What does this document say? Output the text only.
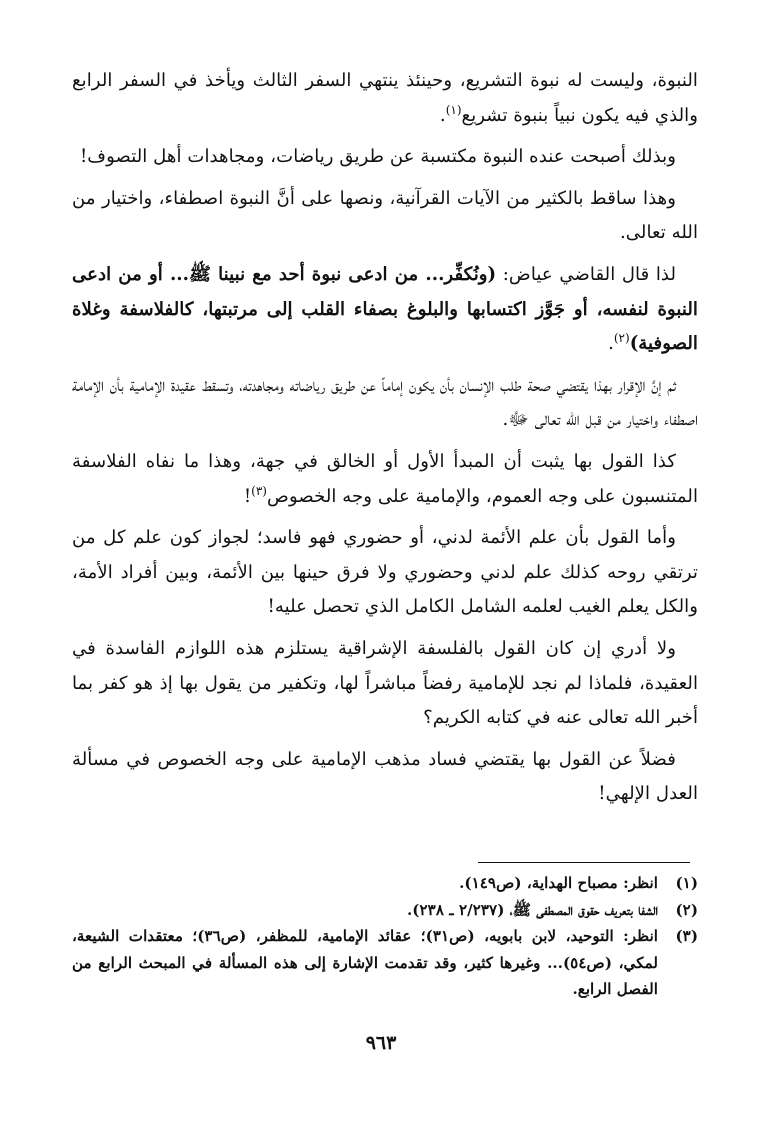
النبوة، وليست له نبوة التشريع، وحينئذ ينتهي السفر الثالث ويأخذ في السفر الرابع والذي فيه يكون نبياً بنبوة تشريع$^{(١)}$.

وبذلك أصبحت عنده النبوة مكتسبة عن طريق رياضات، ومجاهدات أهل التصوف!

وهذا ساقط بالكثير من الآيات القرآنية، ونصها على أنَّ النبوة اصطفاء، واختيار من الله تعالى.

لذا قال القاضي عياض: (ونُكفِّر... من ادعى نبوة أحد مع نبينا ﷺ... أو من ادعى النبوة لنفسه، أو جَوَّز اكتسابها والبلوغ بصفاء القلب إلى مرتبتها، كالفلاسفة وغلاة الصوفية)$^{(٢)}$.

ثم إنَّ الإقرار بهذا يقتضي صحة طلب الإنسان بأن يكون إماماً عن طريق رياضاته ومجاهدته، وتسقط عقيدة الإمامية بأن الإمامة اصطفاء واختيار من قبل الله تعالى ﷻ.

كذا القول بها يثبت أن المبدأ الأول أو الخالق في جهة، وهذا ما نفاه الفلاسفة المتنسبون على وجه العموم، والإمامية على وجه الخصوص$^{(٣)}$!

وأما القول بأن علم الأئمة لدني، أو حضوري فهو فاسد؛ لجواز كون علم كل من ترتقي روحه كذلك علم لدني وحضوري ولا فرق حينها بين الأئمة، وبين أفراد الأمة، والكل يعلم الغيب لعلمه الشامل الكامل الذي تحصل عليه!

ولا أدري إن كان القول بالفلسفة الإشراقية يستلزم هذه اللوازم الفاسدة في العقيدة، فلماذا لم نجد للإمامية رفضاً مباشراً لها، وتكفير من يقول بها إذ هو كفر بما أخبر الله تعالى عنه في كتابه الكريم؟

فضلاً عن القول بها يقتضي فساد مذهب الإمامية على وجه الخصوص في مسألة العدل الإلهي!

(١)
انظر: مصباح الهداية، (ص١٤٩).
(٢)
الشفا بتعريف حقوق المصطفى ﷺ، (٢/٢٣٧ ـ ٢٣٨).
(٣)
انظر: التوحيد، لابن بابويه، (ص٣١)؛ عقائد الإمامية، للمظفر، (ص٣٦)؛ معتقدات الشيعة، لمكي، (ص٥٤)... وغيرها كثير، وقد تقدمت الإشارة إلى هذه المسألة في المبحث الرابع من الفصل الرابع.
٩٦٣
